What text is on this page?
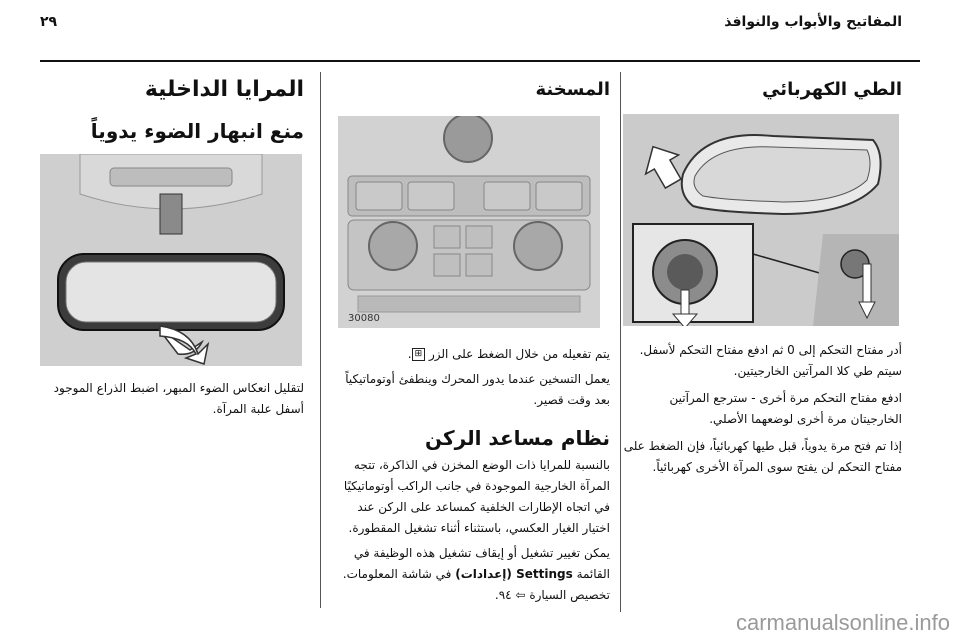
المفاتيح والأبواب والنوافذ
٢٩
الطي الكهربائي

أدر مفتاح التحكم إلى 0 ثم ادفع مفتاح التحكم لأسفل. سيتم طي كلا المرآتين الخارجيتين.

ادفع مفتاح التحكم مرة أخرى - سترجع المرآتين الخارجيتان مرة أخرى لوضعهما الأصلي.

إذا تم فتح مرة يدوياً، قبل طيها كهربائياً، فإن الضغط على مفتاح التحكم لن يفتح سوى المرآة الأخرى كهربائياً.

المسخنة
30080

يتم تفعيله من خلال الضغط على الزر ⊞.

يعمل التسخين عندما يدور المحرك وينطفئ أوتوماتيكياً بعد وقت قصير.

نظام مساعد الركن

بالنسبة للمرايا ذات الوضع المخزن في الذاكرة، تتجه المرآة الخارجية الموجودة في جانب الراكب أوتوماتيكيًا في اتجاه الإطارات الخلفية كمساعد على الركن عند اختيار الغيار العكسي، باستثناء أثناء تشغيل المقطورة.

يمكن تغيير تشغيل أو إيقاف تشغيل هذه الوظيفة في القائمة Settings (إعدادات) في شاشة المعلومات. تخصيص السيارة ⇦ ٩٤.

المرايا الداخلية
منع انبهار الضوء يدوياً

لتقليل انعكاس الضوء المبهر، اضبط الذراع الموجود أسفل علبة المرآة.

carmanualsonline.info
